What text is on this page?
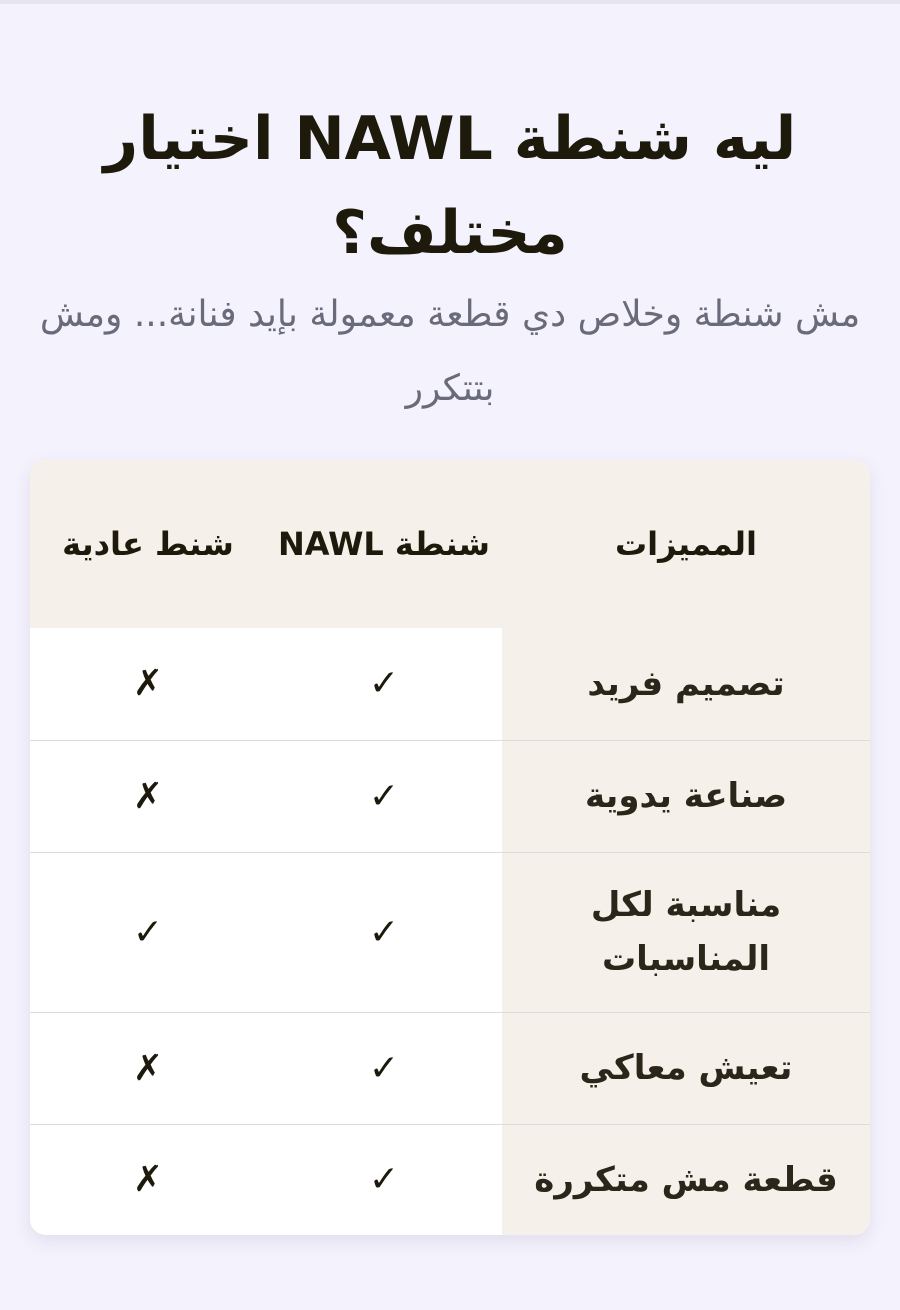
ليه شنطة NAWL اختيار مختلف؟

مش شنطة وخلاص دي قطعة معمولة بإيد فنانة... ومش بتتكرر

المميزات	شنطة NAWL	شنط عادية
تصميم فريد	✓	✗
صناعة يدوية	✓	✗
مناسبة لكل المناسبات	✓	✓
تعيش معاكي	✓	✗
قطعة مش متكررة	✓	✗
